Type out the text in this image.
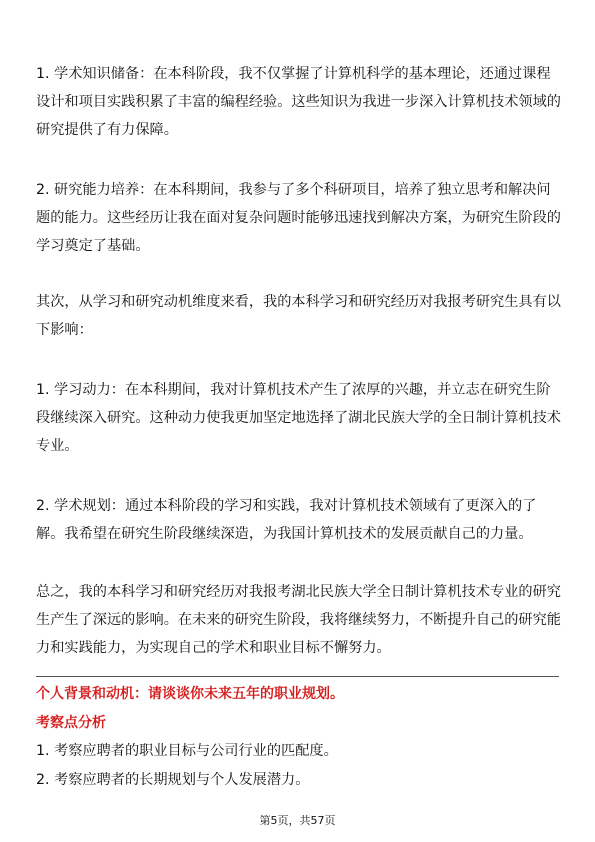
1. 学术知识储备：在本科阶段，我不仅掌握了计算机科学的基本理论，还通过课程设计和项目实践积累了丰富的编程经验。这些知识为我进一步深入计算机技术领域的研究提供了有力保障。

2. 研究能力培养：在本科期间，我参与了多个科研项目，培养了独立思考和解决问题的能力。这些经历让我在面对复杂问题时能够迅速找到解决方案，为研究生阶段的学习奠定了基础。

其次，从学习和研究动机维度来看，我的本科学习和研究经历对我报考研究生具有以下影响：

1. 学习动力：在本科期间，我对计算机技术产生了浓厚的兴趣，并立志在研究生阶段继续深入研究。这种动力使我更加坚定地选择了湖北民族大学的全日制计算机技术专业。

2. 学术规划：通过本科阶段的学习和实践，我对计算机技术领域有了更深入的了解。我希望在研究生阶段继续深造，为我国计算机技术的发展贡献自己的力量。

总之，我的本科学习和研究经历对我报考湖北民族大学全日制计算机技术专业的研究生产生了深远的影响。在未来的研究生阶段，我将继续努力，不断提升自己的研究能力和实践能力，为实现自己的学术和职业目标不懈努力。

个人背景和动机：请谈谈你未来五年的职业规划。

考察点分析

1. 考察应聘者的职业目标与公司行业的匹配度。

2. 考察应聘者的长期规划与个人发展潜力。

第5页，共57页
